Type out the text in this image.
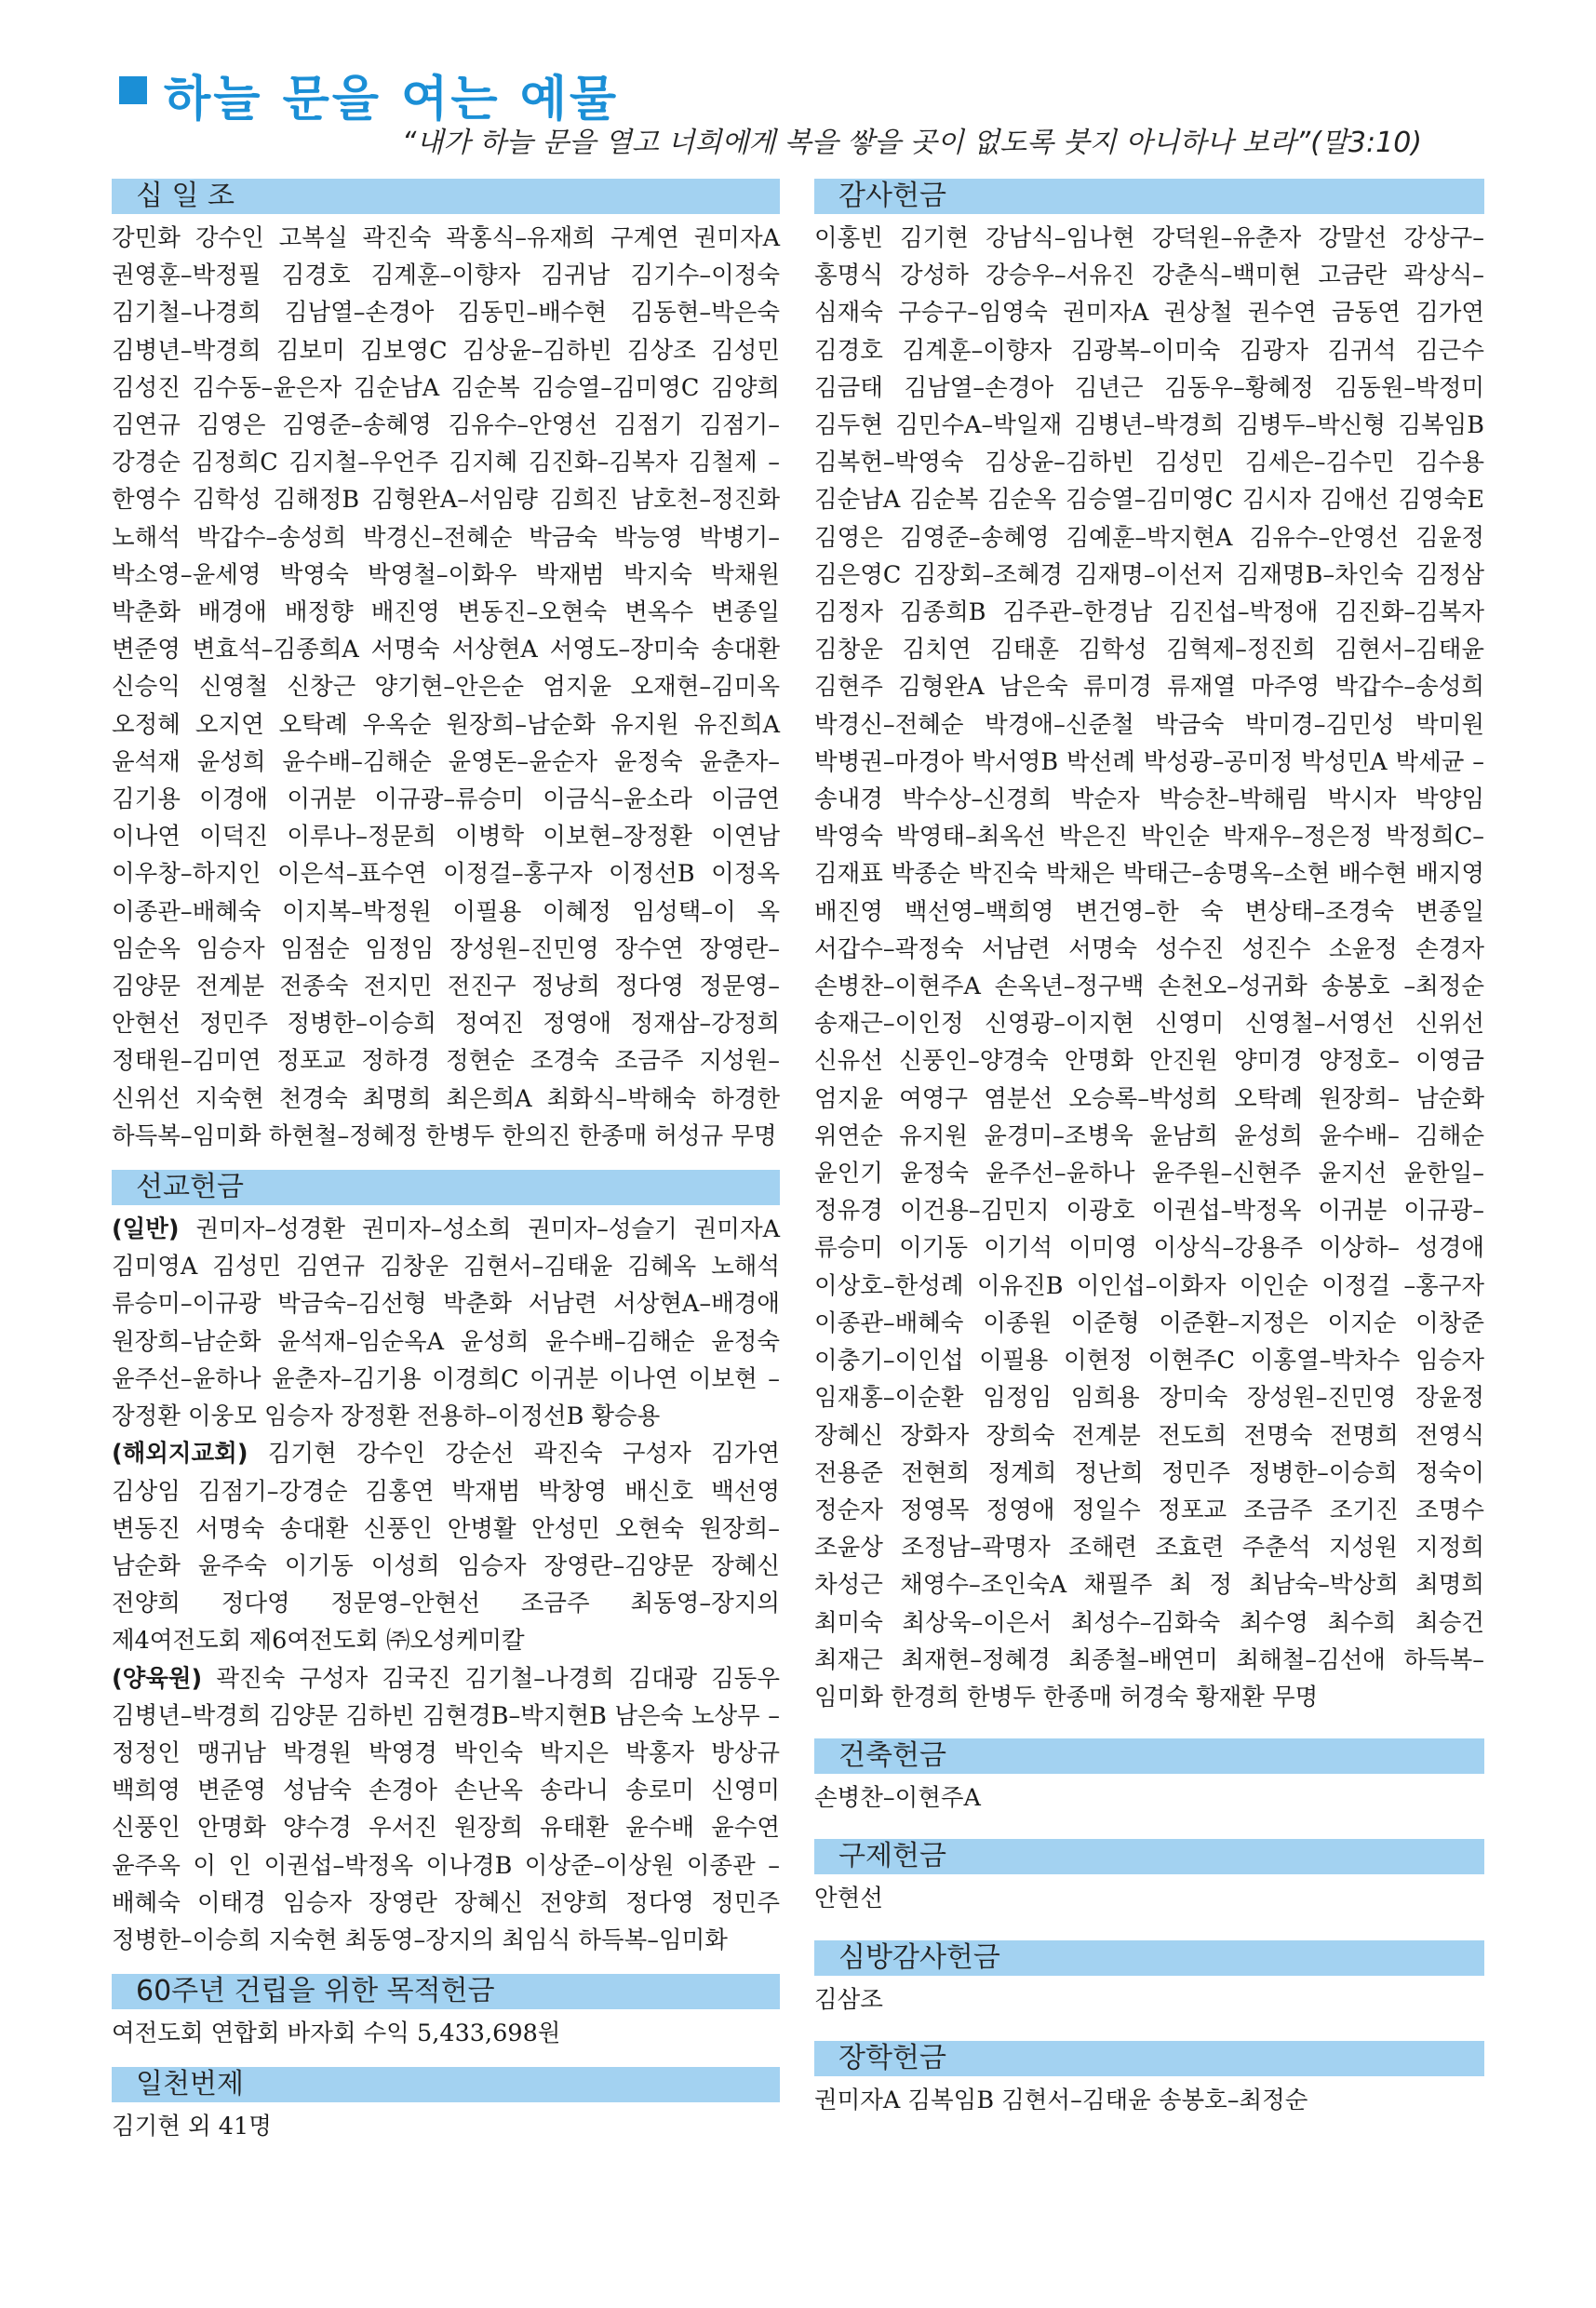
하늘 문을 여는 예물
“내가 하늘 문을 열고 너희에게 복을 쌓을 곳이 없도록 붓지 아니하나 보라”(말3:10)
십 일 조
강민화 강수인 고복실 곽진숙 곽홍식–유재희 구계연 권미자A 권영훈–박정필 김경호 김계훈–이향자 김귀남 김기수–이정숙 김기철–나경희 김남열–손경아 김동민–배수현 김동현–박은숙 김병년–박경희 김보미 김보영C 김상윤–김하빈 김상조 김성민 김성진 김수동–윤은자 김순남A 김순복 김승열–김미영C 김양희 김연규 김영은 김영준–송혜영 김유수–안영선 김점기 김점기–강경순 김정희C 김지철–우언주 김지혜 김진화–김복자 김철제 –한영수 김학성 김해정B 김형완A–서임량 김희진 남호천–정진화 노해석 박갑수–송성희 박경신–전혜순 박금숙 박능영 박병기–박소영–윤세영 박영숙 박영철–이화우 박재범 박지숙 박채원 박춘화 배경애 배정향 배진영 변동진–오현숙 변옥수 변종일 변준영 변효석–김종희A 서명숙 서상현A 서영도–장미숙 송대환 신승익 신영철 신창근 양기현–안은순 엄지윤 오재현–김미옥 오정혜 오지연 오탁례 우옥순 원장희–남순화 유지원 유진희A 윤석재 윤성희 윤수배–김해순 윤영돈–윤순자 윤정숙 윤춘자– 김기용 이경애 이귀분 이규광–류승미 이금식–윤소라 이금연 이나연 이덕진 이루나–정문희 이병학 이보현–장정환 이연남 이우창–하지인 이은석–표수연 이정걸–홍구자 이정선B 이정옥 이종관–배혜숙 이지복–박정원 이필용 이혜정 임성택–이 옥 임순옥 임승자 임점순 임정임 장성원–진민영 장수연 장영란– 김양문 전계분 전종숙 전지민 전진구 정낭희 정다영 정문영– 안현선 정민주 정병한–이승희 정여진 정영애 정재삼–강정희 정태원–김미연 정포교 정하경 정현순 조경숙 조금주 지성원– 신위선 지숙현 천경숙 최명희 최은희A 최화식–박해숙 하경한 하득복–임미화 하현철–정혜정 한병두 한의진 한종매 허성규 무명
선교헌금
(일반) 권미자–성경환 권미자–성소희 권미자–성슬기 권미자A 김미영A 김성민 김연규 김창운 김현서–김태윤 김혜옥 노해석 류승미–이규광 박금숙–김선형 박춘화 서남련 서상현A–배경애 원장희–남순화 윤석재–임순옥A 윤성희 윤수배–김해순 윤정숙 윤주선–윤하나 윤춘자–김기용 이경희C 이귀분 이나연 이보현 –장정환 이웅모 임승자 장정환 전용하–이정선B 황승용
(해외지교회) 김기현 강수인 강순선 곽진숙 구성자 김가연 김상임 김점기–강경순 김홍연 박재범 박창영 배신호 백선영 변동진 서명숙 송대환 신풍인 안병활 안성민 오현숙 원장희–남순화 윤주숙 이기동 이성희 임승자 장영란–김양문 장혜신 전양희 정다영 정문영–안현선 조금주 최동영–장지의 제4여전도회 제6여전도회 ㈜오성케미칼
(양육원) 곽진숙 구성자 김국진 김기철–나경희 김대광 김동우 김병년–박경희 김양문 김하빈 김현경B–박지현B 남은숙 노상무 –정정인 맹귀남 박경원 박영경 박인숙 박지은 박홍자 방상규 백희영 변준영 성남숙 손경아 손난옥 송라니 송로미 신영미 신풍인 안명화 양수경 우서진 원장희 유태환 윤수배 윤수연 윤주옥 이 인 이권섭–박정옥 이나경B 이상준–이상원 이종관 –배혜숙 이태경 임승자 장영란 장혜신 전양희 정다영 정민주 정병한–이승희 지숙현 최동영–장지의 최임식 하득복–임미화
60주년 건립을 위한 목적헌금
여전도회 연합회 바자회 수익 5,433,698원
일천번제
김기현 외 41명
감사헌금
이홍빈 김기현 강남식–임나현 강덕원–유춘자 강말선 강상구– 홍명식 강성하 강승우–서유진 강춘식–백미현 고금란 곽상식– 심재숙 구승구–임영숙 권미자A 권상철 권수연 금동연 김가연 김경호 김계훈–이향자 김광복–이미숙 김광자 김귀석 김근수 김금태 김남열–손경아 김년근 김동우–황혜정 김동원–박정미 김두현 김민수A–박일재 김병년–박경희 김병두–박신형 김복임B 김복헌–박영숙 김상윤–김하빈 김성민 김세은–김수민 김수용 김순남A 김순복 김순옥 김승열–김미영C 김시자 김애선 김영숙E 김영은 김영준–송혜영 김예훈–박지현A 김유수–안영선 김윤정 김은영C 김장회–조혜경 김재명–이선저 김재명B–차인숙 김정삼 김정자 김종희B 김주관–한경남 김진섭–박정애 김진화–김복자 김창운 김치연 김태훈 김학성 김혁제–정진희 김현서–김태윤 김현주 김형완A 남은숙 류미경 류재열 마주영 박갑수–송성희 박경신–전혜순 박경애–신준철 박금숙 박미경–김민성 박미원 박병권–마경아 박서영B 박선례 박성광–공미정 박성민A 박세균 –송내경 박수상–신경희 박순자 박승찬–박해림 박시자 박양임 박영숙 박영태–최옥선 박은진 박인순 박재우–정은정 박정희C– 김재표 박종순 박진숙 박채은 박태근–송명옥–소현 배수현 배지영 배진영 백선영–백희영 변건영–한 숙 변상태–조경숙 변종일 서갑수–곽정숙 서남련 서명숙 성수진 성진수 소윤정 손경자 손병찬–이현주A 손옥년–정구백 손천오–성귀화 송봉호 –최정순 송재근–이인정 신영광–이지현 신영미 신영철–서영선 신위선 신유선 신풍인–양경숙 안명화 안진원 양미경 양정호– 이영금 엄지윤 여영구 염분선 오승록–박성희 오탁례 원장희– 남순화 위연순 유지원 윤경미–조병욱 윤남희 윤성희 윤수배– 김해순 윤인기 윤정숙 윤주선–윤하나 윤주원–신현주 윤지선 윤한일–정유경 이건용–김민지 이광호 이권섭–박정옥 이귀분 이규광–류승미 이기동 이기석 이미영 이상식–강용주 이상하– 성경애 이상호–한성례 이유진B 이인섭–이화자 이인순 이정걸 –홍구자 이종관–배혜숙 이종원 이준형 이준환–지정은 이지순 이창준 이충기–이인섭 이필용 이현정 이현주C 이홍열–박차수 임승자 임재홍–이순환 임정임 임희용 장미숙 장성원–진민영 장윤정 장혜신 장화자 장희숙 전계분 전도희 전명숙 전명희 전영식 전용준 전현희 정계희 정난희 정민주 정병한–이승희 정숙이 정순자 정영목 정영애 정일수 정포교 조금주 조기진 조명수 조윤상 조정남–곽명자 조해련 조효련 주춘석 지성원 지정희 차성근 채영수–조인숙A 채필주 최 정 최남숙–박상희 최명희 최미숙 최상욱–이은서 최성수–김화숙 최수영 최수희 최승건 최재근 최재현–정혜경 최종철–배연미 최해철–김선애 하득복–임미화 한경희 한병두 한종매 허경숙 황재환 무명
건축헌금
손병찬–이현주A
구제헌금
안현선
심방감사헌금
김삼조
장학헌금
권미자A 김복임B 김현서–김태윤 송봉호–최정순
